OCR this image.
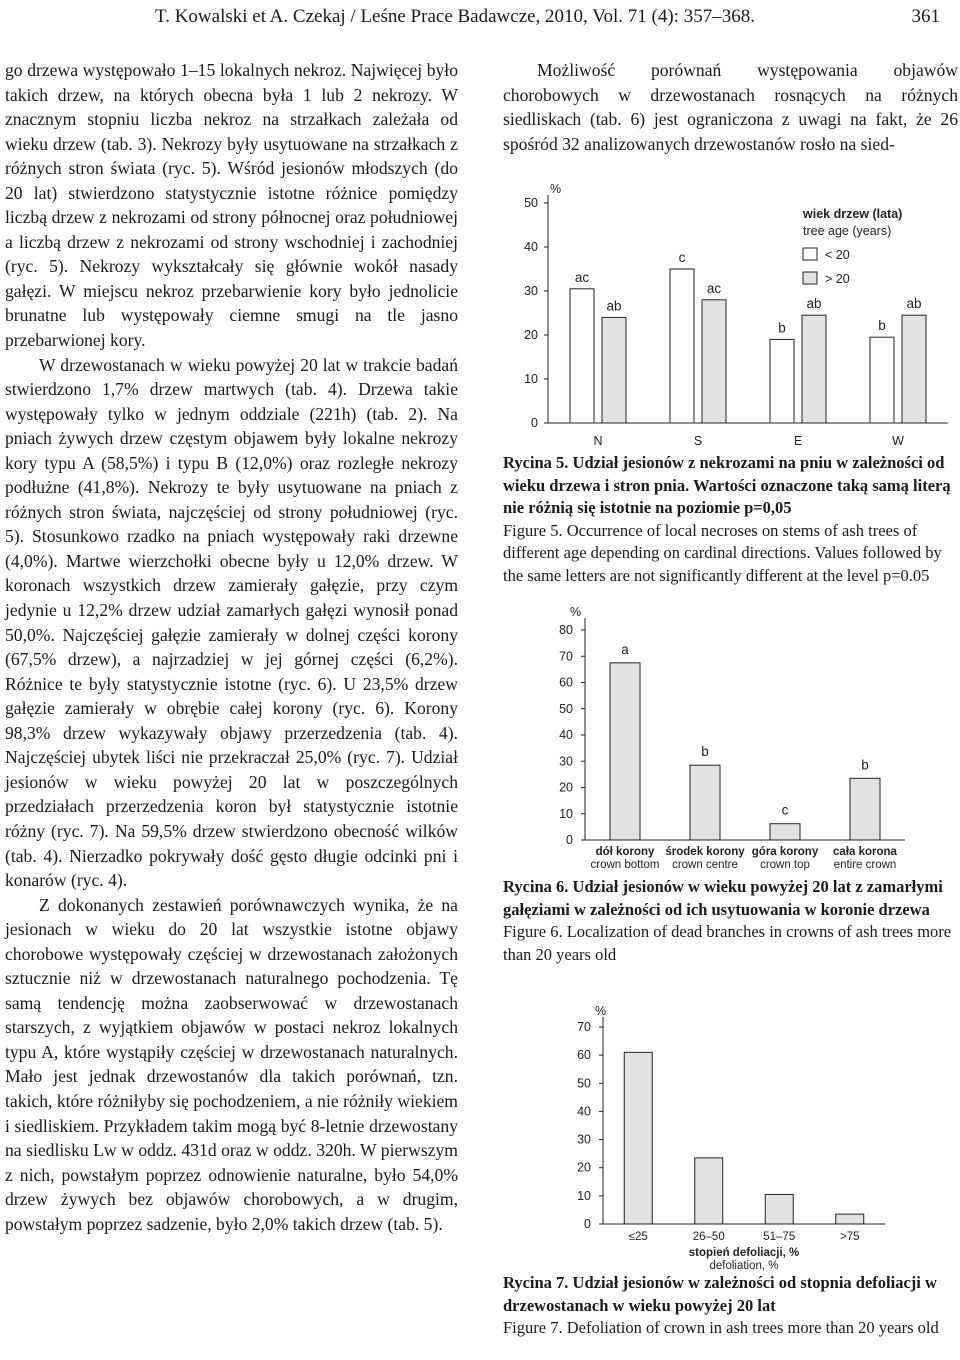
T. Kowalski et A. Czekaj / Leśne Prace Badawcze, 2010, Vol. 71 (4): 357–368.	361

go drzewa występowało 1–15 lokalnych nekroz. Najwięcej było takich drzew, na których obecna była 1 lub 2 nekrozy. W znacznym stopniu liczba nekroz na strzałkach zależała od wieku drzew (tab. 3). Nekrozy były usytuowane na strzałkach z różnych stron świata (ryc. 5). Wśród jesionów młodszych (do 20 lat) stwierdzono statystycznie istotne różnice pomiędzy liczbą drzew z nekrozami od strony północnej oraz południowej a liczbą drzew z nekrozami od strony wschodniej i zachodniej (ryc. 5). Nekrozy wykształcały się głównie wokół nasady gałęzi. W miejscu nekroz przebarwienie kory było jednolicie brunatne lub występowały ciemne smugi na tle jasno przebarwionej kory.

W drzewostanach w wieku powyżej 20 lat w trakcie badań stwierdzono 1,7% drzew martwych (tab. 4). Drzewa takie występowały tylko w jednym oddziale (221h) (tab. 2). Na pniach żywych drzew częstym objawem były lokalne nekrozy kory typu A (58,5%) i typu B (12,0%) oraz rozległe nekrozy podłużne (41,8%). Nekrozy te były usytuowane na pniach z różnych stron świata, najczęściej od strony południowej (ryc. 5). Stosunkowo rzadko na pniach występowały raki drzewne (4,0%). Martwe wierzchołki obecne były u 12,0% drzew. W koronach wszystkich drzew zamierały gałęzie, przy czym jedynie u 12,2% drzew udział zamarłych gałęzi wynosił ponad 50,0%. Najczęściej gałęzie zamierały w dolnej części korony (67,5% drzew), a najrzadziej w jej górnej części (6,2%). Różnice te były statystycznie istotne (ryc. 6). U 23,5% drzew gałęzie zamierały w obrębie całej korony (ryc. 6). Korony 98,3% drzew wykazywały objawy przerzedzenia (tab. 4). Najczęściej ubytek liści nie przekraczał 25,0% (ryc. 7). Udział jesionów w wieku powyżej 20 lat w poszczególnych przedziałach przerzedzenia koron był statystycznie istotnie różny (ryc. 7). Na 59,5% drzew stwierdzono obecność wilków (tab. 4). Nierzadko pokrywały dość gęsto długie odcinki pni i konarów (ryc. 4).

Z dokonanych zestawień porównawczych wynika, że na jesionach w wieku do 20 lat wszystkie istotne objawy chorobowe występowały częściej w drzewostanach założonych sztucznie niż w drzewostanach naturalnego pochodzenia. Tę samą tendencję można zaobserwować w drzewostanach starszych, z wyjątkiem objawów w postaci nekroz lokalnych typu A, które wystąpiły częściej w drzewostanach naturalnych. Mało jest jednak drzewostanów dla takich porównań, tzn. takich, które różniłyby się pochodzeniem, a nie różniły wiekiem i siedliskiem. Przykładem takim mogą być 8-letnie drzewostany na siedlisku Lw w oddz. 431d oraz w oddz. 320h. W pierwszym z nich, powstałym poprzez odnowienie naturalne, było 54,0% drzew żywych bez objawów chorobowych, a w drugim, powstałym poprzez sadzenie, było 2,0% takich drzew (tab. 5).

Możliwość porównań występowania objawów chorobowych w drzewostanach rosnących na różnych siedliskach (tab. 6) jest ograniczona z uwagi na fakt, że 26 spośród 32 analizowanych drzewostanów rosło na sied-

%
0
10
20
30
40
50
N
ac
ab
S
c
ac
E
b
ab
W
b
ab
wiek drzew (lata)
tree age (years)
< 20
> 20
Rycina 5. Udział jesionów z nekrozami na pniu w zależności od wieku drzewa i stron pnia. Wartości oznaczone taką samą literą nie różnią się istotnie na poziomie p=0,05
Figure 5. Occurrence of local necroses on stems of ash trees of different age depending on cardinal directions. Values followed by the same letters are not significantly different at the level p=0.05
%
0
10
20
30
40
50
60
70
80
a
dół korony
crown bottom
b
środek korony
crown centre
c
góra korony
crown top
b
cała korona
entire crown
Rycina 6. Udział jesionów w wieku powyżej 20 lat z zamarłymi gałęziami w zależności od ich usytuowania w koronie drzewa
Figure 6. Localization of dead branches in crowns of ash trees more than 20 years old
%
0
10
20
30
40
50
60
70
≤25	26–50	51–75	>75
stopień defoliacji, %
defoliation, %
Rycina 7. Udział jesionów w zależności od stopnia defoliacji w drzewostanach w wieku powyżej 20 lat
Figure 7. Defoliation of crown in ash trees more than 20 years old
